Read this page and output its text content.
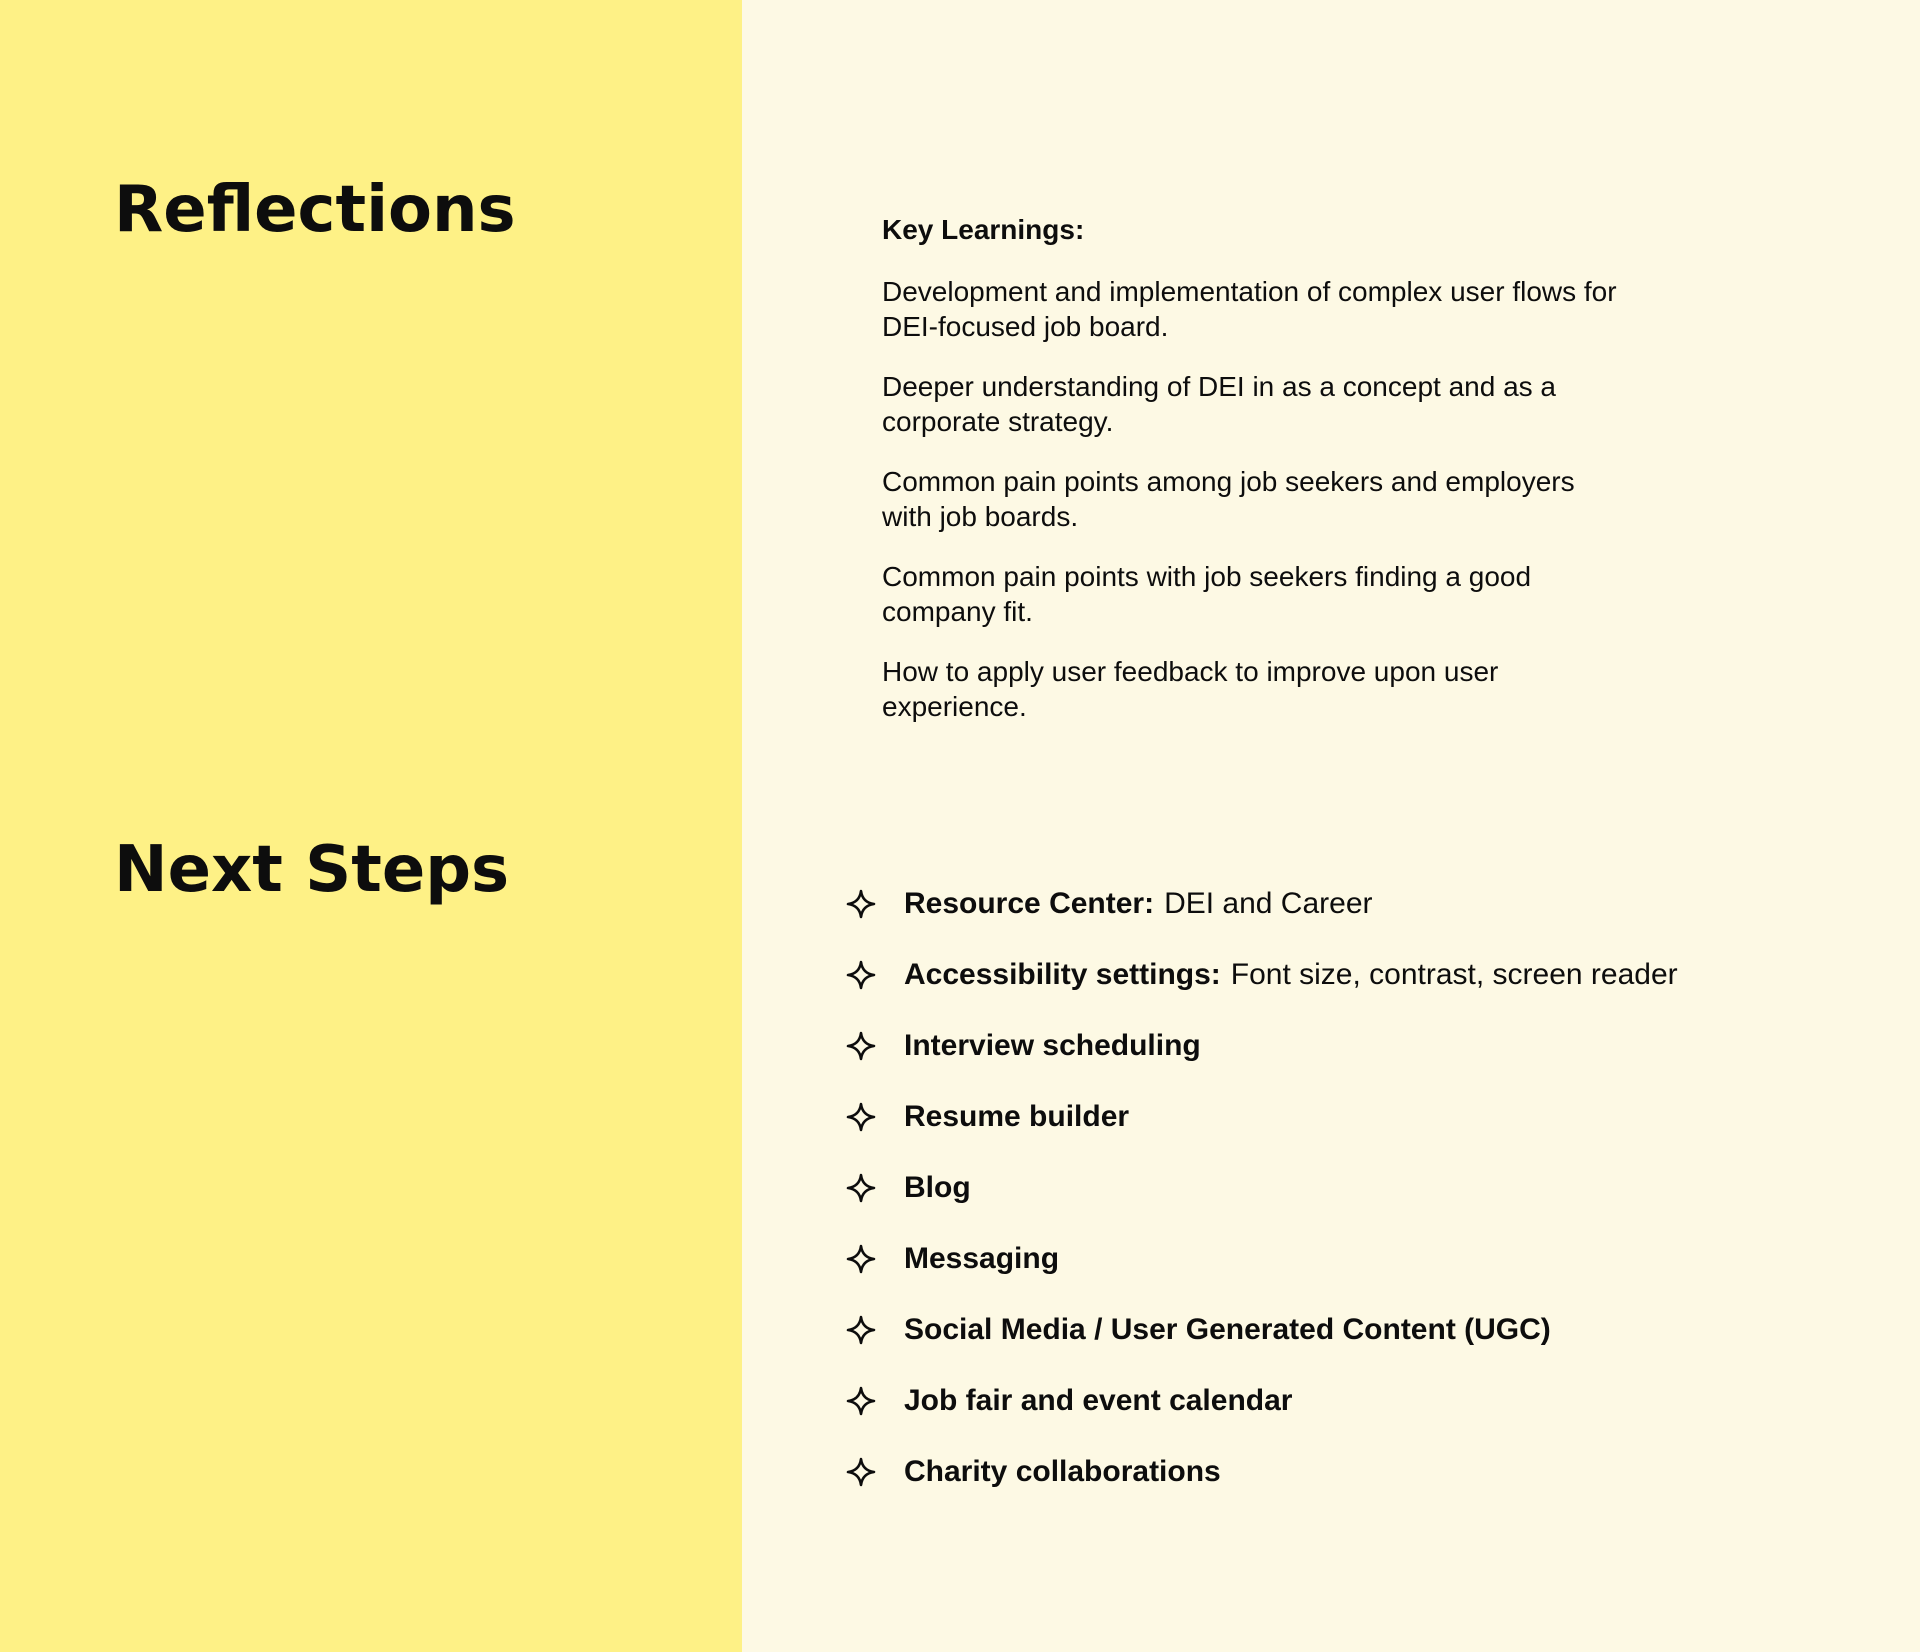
Reflections
Next Steps

Key Learnings:

Development and implementation of complex user flows for DEI-focused job board.

Deeper understanding of DEI in as a concept and as a corporate strategy.

Common pain points among job seekers and employers with job boards.

Common pain points with job seekers finding a good company fit.

How to apply user feedback to improve upon user experience.

Resource Center: DEI and Career
Accessibility settings: Font size, contrast, screen reader
Interview scheduling
Resume builder
Blog
Messaging
Social Media / User Generated Content (UGC)
Job fair and event calendar
Charity collaborations
